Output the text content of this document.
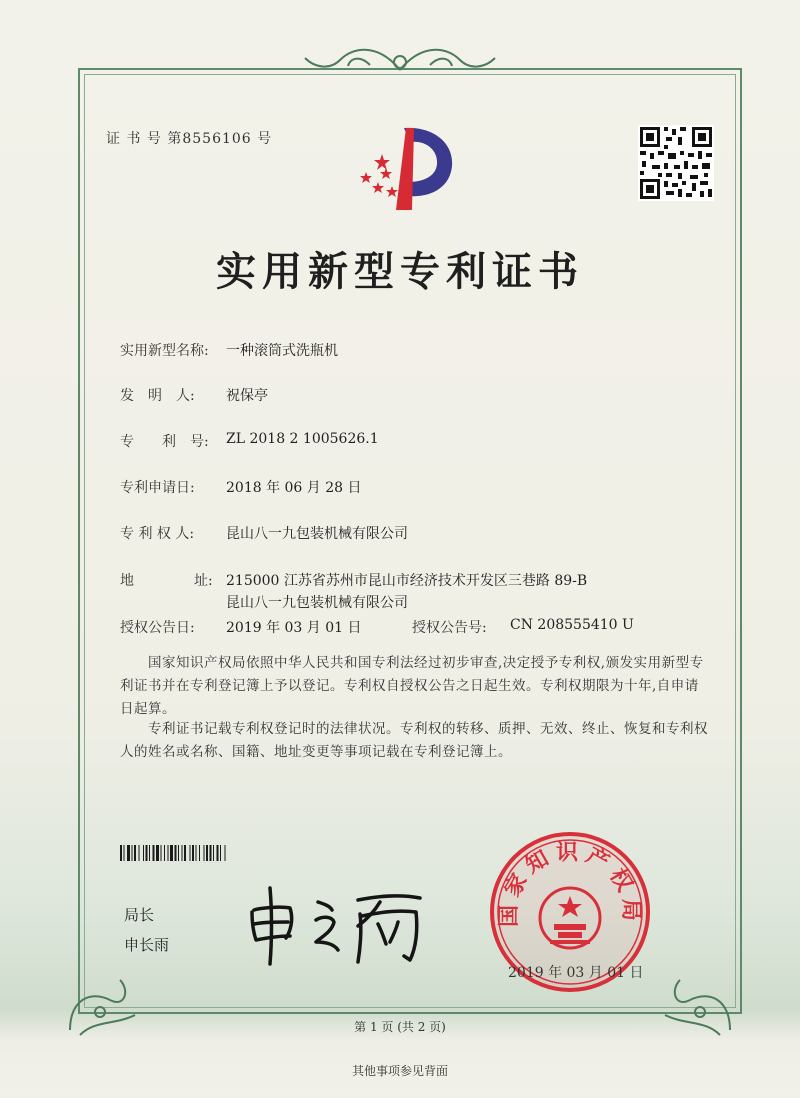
证 书 号 第8556106 号
实用新型专利证书
实用新型名称: 一种滚筒式洗瓶机
发　明　人: 祝保亭
专　　利　号: ZL 2018 2 1005626.1
专利申请日: 2018 年 06 月 28 日
专 利 权 人: 昆山八一九包装机械有限公司
地	址: 215000 江苏省苏州市昆山市经济技术开发区三巷路 89-B
昆山八一九包装机械有限公司
授权公告日: 2019 年 03 月 01 日	授权公告号: CN 208555410 U
国家知识产权局依照中华人民共和国专利法经过初步审查,决定授予专利权,颁发实用新型专利证书并在专利登记簿上予以登记。专利权自授权公告之日起生效。专利权期限为十年,自申请日起算。
专利证书记载专利权登记时的法律状况。专利权的转移、质押、无效、终止、恢复和专利权人的姓名或名称、国籍、地址变更等事项记载在专利登记簿上。
局长
申长雨
国家知识产权局
2019 年 03 月 01 日
第 1 页 (共 2 页)
其他事项参见背面
